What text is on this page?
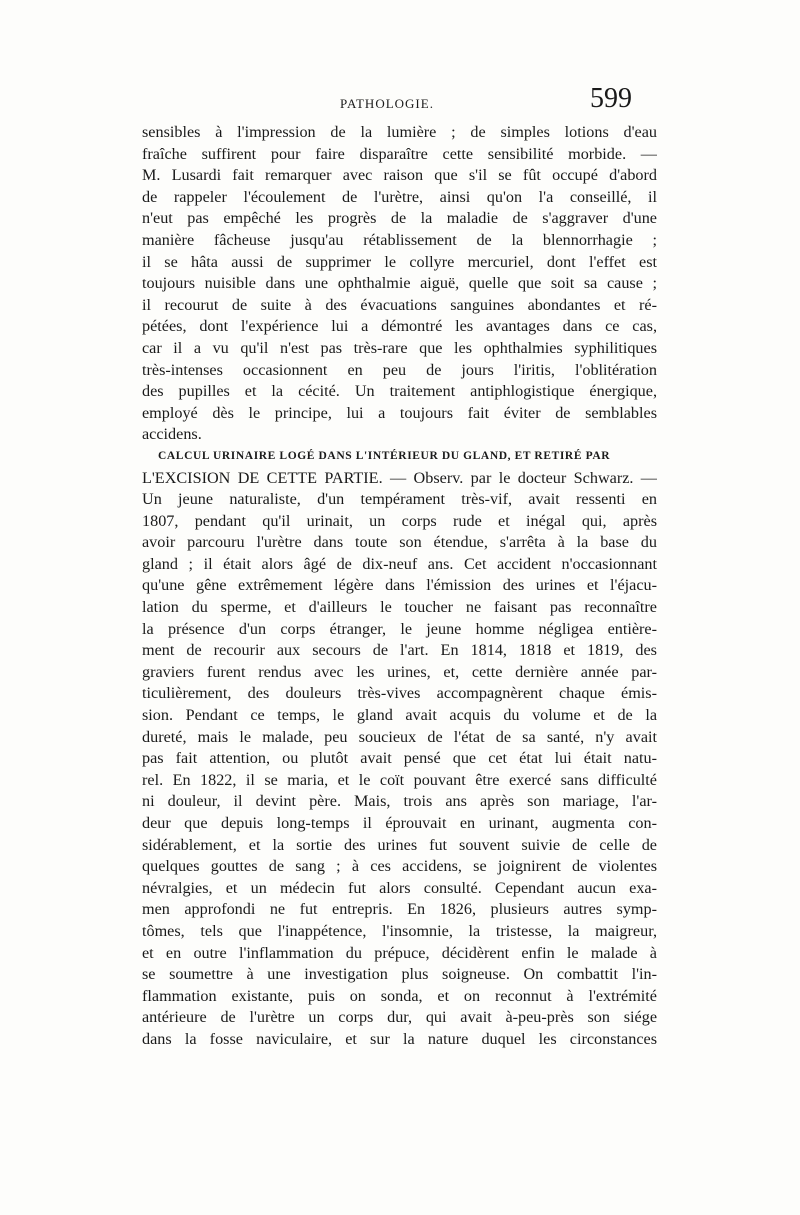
PATHOLOGIE.	599
sensibles à l'impression de la lumière ; de simples lotions d'eau
fraîche suffirent pour faire disparaître cette sensibilité morbide. —
M. Lusardi fait remarquer avec raison que s'il se fût occupé d'abord
de rappeler l'écoulement de l'urètre, ainsi qu'on l'a conseillé, il
n'eut pas empêché les progrès de la maladie de s'aggraver d'une
manière fâcheuse jusqu'au rétablissement de la blennorrhagie ;
il se hâta aussi de supprimer le collyre mercuriel, dont l'effet est
toujours nuisible dans une ophthalmie aiguë, quelle que soit sa cause ;
il recourut de suite à des évacuations sanguines abondantes et ré-
pétées, dont l'expérience lui a démontré les avantages dans ce cas,
car il a vu qu'il n'est pas très-rare que les ophthalmies syphilitiques
très-intenses occasionnent en peu de jours l'iritis, l'oblitération
des pupilles et la cécité. Un traitement antiphlogistique énergique,
employé dès le principe, lui a toujours fait éviter de semblables
accidens.
CALCUL URINAIRE LOGÉ DANS L'INTÉRIEUR DU GLAND, ET RETIRÉ PAR
L'EXCISION DE CETTE PARTIE. — Observ. par le docteur Schwarz. —
Un jeune naturaliste, d'un tempérament très-vif, avait ressenti en
1807, pendant qu'il urinait, un corps rude et inégal qui, après
avoir parcouru l'urètre dans toute son étendue, s'arrêta à la base du
gland ; il était alors âgé de dix-neuf ans. Cet accident n'occasionnant
qu'une gêne extrêmement légère dans l'émission des urines et l'éjacu-
lation du sperme, et d'ailleurs le toucher ne faisant pas reconnaître
la présence d'un corps étranger, le jeune homme négligea entière-
ment de recourir aux secours de l'art. En 1814, 1818 et 1819, des
graviers furent rendus avec les urines, et, cette dernière année par-
ticulièrement, des douleurs très-vives accompagnèrent chaque émis-
sion. Pendant ce temps, le gland avait acquis du volume et de la
dureté, mais le malade, peu soucieux de l'état de sa santé, n'y avait
pas fait attention, ou plutôt avait pensé que cet état lui était natu-
rel. En 1822, il se maria, et le coït pouvant être exercé sans difficulté
ni douleur, il devint père. Mais, trois ans après son mariage, l'ar-
deur que depuis long-temps il éprouvait en urinant, augmenta con-
sidérablement, et la sortie des urines fut souvent suivie de celle de
quelques gouttes de sang ; à ces accidens, se joignirent de violentes
névralgies, et un médecin fut alors consulté. Cependant aucun exa-
men approfondi ne fut entrepris. En 1826, plusieurs autres symp-
tômes, tels que l'inappétence, l'insomnie, la tristesse, la maigreur,
et en outre l'inflammation du prépuce, décidèrent enfin le malade à
se soumettre à une investigation plus soigneuse. On combattit l'in-
flammation existante, puis on sonda, et on reconnut à l'extrémité
antérieure de l'urètre un corps dur, qui avait à-peu-près son siége
dans la fosse naviculaire, et sur la nature duquel les circonstances
